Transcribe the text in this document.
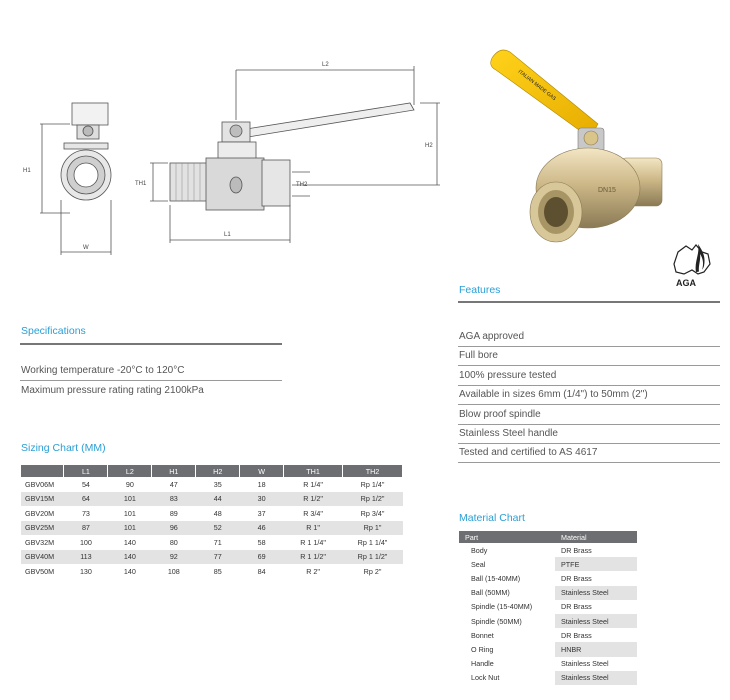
L2
H2
L1
H1
W
TH1	TH2
ITALIAN MADE GAS
DN15
AGA
Features
AGA approved
Full bore
100% pressure tested
Available in sizes 6mm (1/4") to 50mm (2")
Blow proof spindle
Stainless Steel handle
Tested and certified to AS 4617
Specifications
Working temperature -20°C to 120°C
Maximum pressure rating rating 2100kPa
Sizing Chart (MM)
	L1	L2	H1	H2	W	TH1	TH2
GBV06M	54	90	47	35	18	R 1/4"	Rp 1/4"
GBV15M	64	101	83	44	30	R 1/2"	Rp 1/2"
GBV20M	73	101	89	48	37	R 3/4"	Rp 3/4"
GBV25M	87	101	96	52	46	R 1"	Rp 1"
GBV32M	100	140	80	71	58	R 1 1/4"	Rp 1 1/4"
GBV40M	113	140	92	77	69	R 1 1/2"	Rp 1 1/2"
GBV50M	130	140	108	85	84	R 2"	Rp 2"
Material Chart
Part	Material
Body	DR Brass
Seal	PTFE
Ball (15-40MM)	DR Brass
Ball (50MM)	Stainless Steel
Spindle (15-40MM)	DR Brass
Spindle (50MM)	Stainless Steel
Bonnet	DR Brass
O Ring	HNBR
Handle	Stainless Steel
Lock Nut	Stainless Steel
